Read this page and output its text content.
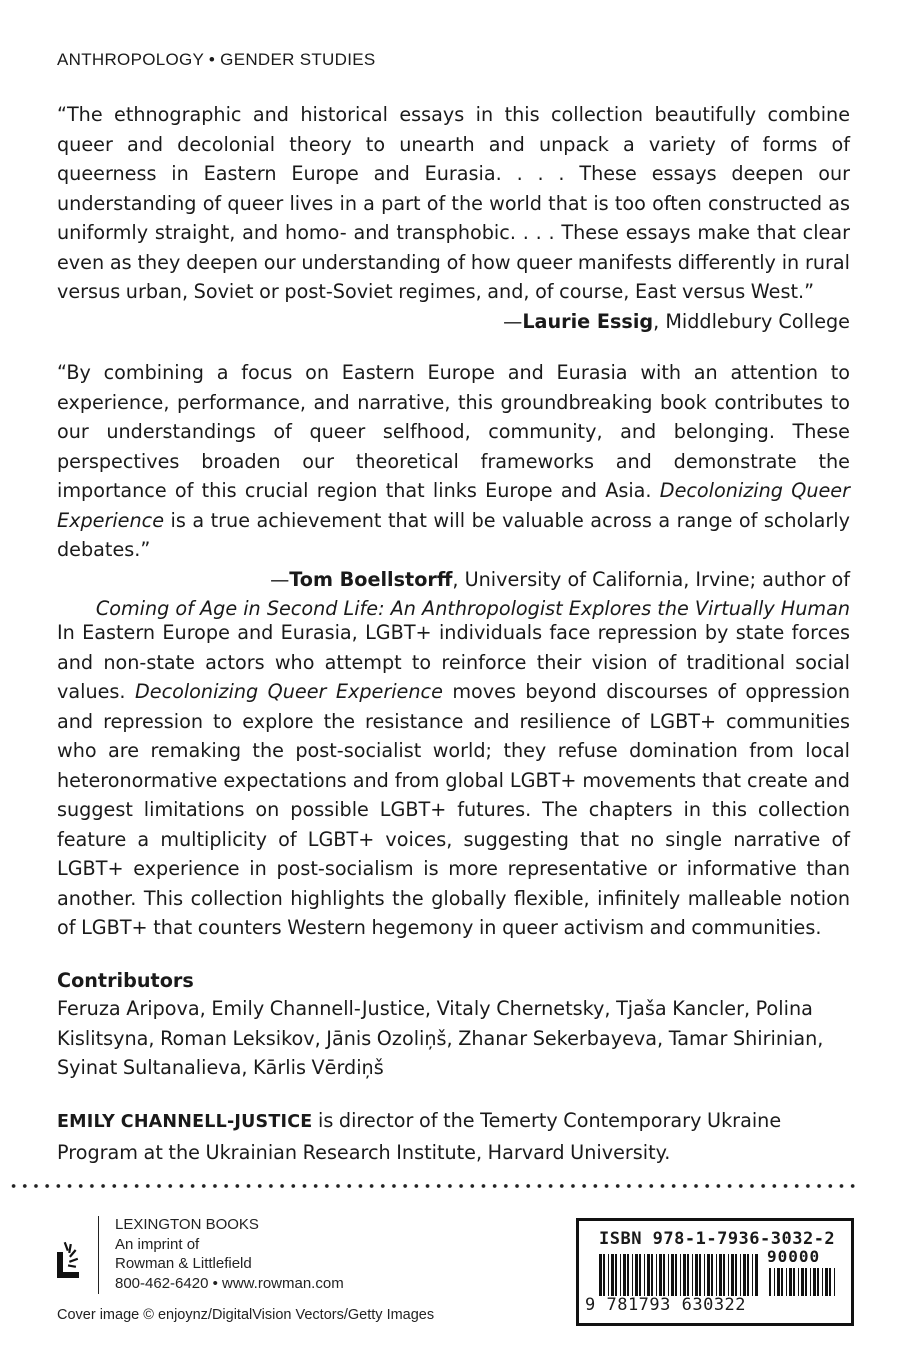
ANTHROPOLOGY • GENDER STUDIES

“The ethnographic and historical essays in this collection beautifully combine queer and decolonial theory to unearth and unpack a variety of forms of queerness in Eastern Europe and Eurasia. . . . These essays deepen our understanding of queer lives in a part of the world that is too often constructed as uniformly straight, and homo- and transphobic. . . . These essays make that clear even as they deepen our understanding of how queer manifests differently in rural versus urban, Soviet or post-Soviet regimes, and, of course, East versus West.”

—Laurie Essig, Middlebury College

“By combining a focus on Eastern Europe and Eurasia with an attention to experience, performance, and narrative, this groundbreaking book contributes to our understandings of queer selfhood, community, and belonging. These perspectives broaden our theoretical frameworks and demonstrate the importance of this crucial region that links Europe and Asia. Decolonizing Queer Experience is a true achievement that will be valuable across a range of scholarly debates.”

—Tom Boellstorff, University of California, Irvine; author of
Coming of Age in Second Life: An Anthropologist Explores the Virtually Human

In Eastern Europe and Eurasia, LGBT+ individuals face repression by state forces and non-state actors who attempt to reinforce their vision of traditional social values. Decolonizing Queer Experience moves beyond discourses of oppression and repression to explore the resistance and resilience of LGBT+ communities who are remaking the post-socialist world; they refuse domination from local heteronormative expectations and from global LGBT+ movements that create and suggest limitations on possible LGBT+ futures. The chapters in this collection feature a multiplicity of LGBT+ voices, suggesting that no single narrative of LGBT+ experience in post-socialism is more representative or informative than another. This collection highlights the globally flexible, infinitely malleable notion of LGBT+ that counters Western hegemony in queer activism and communities.

Contributors

Feruza Aripova, Emily Channell-Justice, Vitaly Chernetsky, Tjaša Kancler, Polina Kislitsyna, Roman Leksikov, Jānis Ozoliņš, Zhanar Sekerbayeva, Tamar Shirinian, Syinat Sultanalieva, Kārlis Vērdiņš

EMILY CHANNELL-JUSTICE is director of the Temerty Contemporary Ukraine Program at the Ukrainian Research Institute, Harvard University.

LEXINGTON BOOKS
An imprint of
Rowman & Littlefield
800-462-6420 • www.rowman.com
Cover image © enjoynz/DigitalVision Vectors/Getty Images
ISBN 978-1-7936-3032-2
90000
9 781793 630322
